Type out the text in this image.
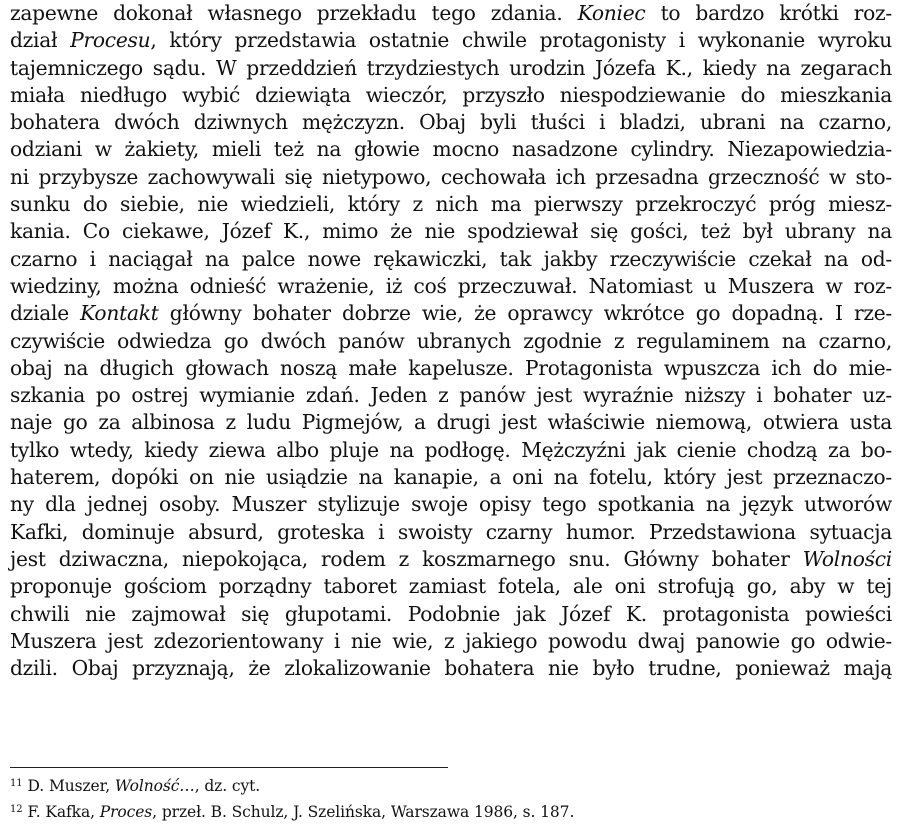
zapewne dokonał własnego przekładu tego zdania. Koniec to bardzo krótki roz-
dział Procesu, który przedstawia ostatnie chwile protagonisty i wykonanie wyroku
tajemniczego sądu. W przeddzień trzydziestych urodzin Józefa K., kiedy na zegarach
miała niedługo wybić dziewiąta wieczór, przyszło niespodziewanie do mieszkania
bohatera dwóch dziwnych mężczyzn. Obaj byli tłuści i bladzi, ubrani na czarno,
odziani w żakiety, mieli też na głowie mocno nasadzone cylindry. Niezapowiedzia-
ni przybysze zachowywali się nietypowo, cechowała ich przesadna grzeczność w sto-
sunku do siebie, nie wiedzieli, który z nich ma pierwszy przekroczyć próg miesz-
kania. Co ciekawe, Józef K., mimo że nie spodziewał się gości, też był ubrany na
czarno i naciągał na palce nowe rękawiczki, tak jakby rzeczywiście czekał na od-
wiedziny, można odnieść wrażenie, iż coś przeczuwał. Natomiast u Muszera w roz-
dziale Kontakt główny bohater dobrze wie, że oprawcy wkrótce go dopadną. I rze-
czywiście odwiedza go dwóch panów ubranych zgodnie z regulaminem na czarno,
obaj na długich głowach noszą małe kapelusze. Protagonista wpuszcza ich do mie-
szkania po ostrej wymianie zdań. Jeden z panów jest wyraźnie niższy i bohater uz-
naje go za albinosa z ludu Pigmejów, a drugi jest właściwie niemową, otwiera usta
tylko wtedy, kiedy ziewa albo pluje na podłogę. Mężczyźni jak cienie chodzą za bo-
haterem, dopóki on nie usiądzie na kanapie, a oni na fotelu, który jest przeznaczo-
ny dla jednej osoby. Muszer stylizuje swoje opisy tego spotkania na język utworów
Kafki, dominuje absurd, groteska i swoisty czarny humor. Przedstawiona sytuacja
jest dziwaczna, niepokojąca, rodem z koszmarnego snu. Główny bohater Wolności
proponuje gościom porządny taboret zamiast fotela, ale oni strofują go, aby w tej
chwili nie zajmował się głupotami. Podobnie jak Józef K. protagonista powieści
Muszera jest zdezorientowany i nie wie, z jakiego powodu dwaj panowie go odwie-
dzili. Obaj przyznają, że zlokalizowanie bohatera nie było trudne, ponieważ mają
$^{11}$ D. Muszer, Wolność…, dz. cyt.
$^{12}$ F. Kafka, Proces, przeł. B. Schulz, J. Szelińska, Warszawa 1986, s. 187.
